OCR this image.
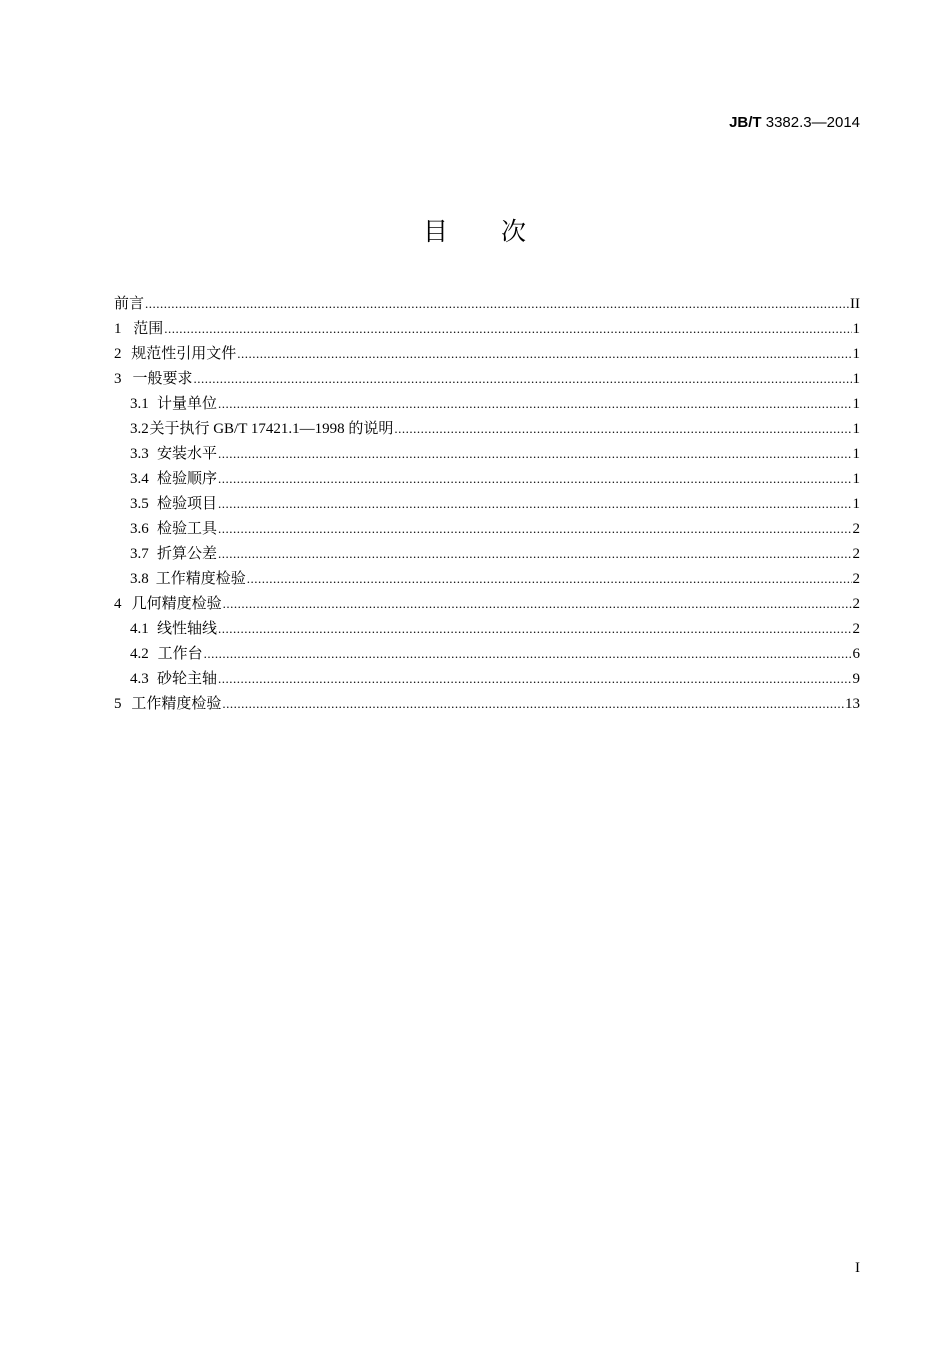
JB/T 3382.3—2014
目 次
前言 .....	II
1 范围 .....	1
2 规范性引用文件 .....	1
3 一般要求 .....	1
3.1 计量单位 .....	1
3.2 关于执行 GB/T 17421.1—1998 的说明 .....	1
3.3 安装水平 .....	1
3.4 检验顺序 .....	1
3.5 检验项目 .....	1
3.6 检验工具 .....	2
3.7 折算公差 .....	2
3.8 工作精度检验 .....	2
4 几何精度检验 .....	2
4.1 线性轴线 .....	2
4.2 工作台 .....	6
4.3 砂轮主轴 .....	9
5 工作精度检验 .....	13
I
